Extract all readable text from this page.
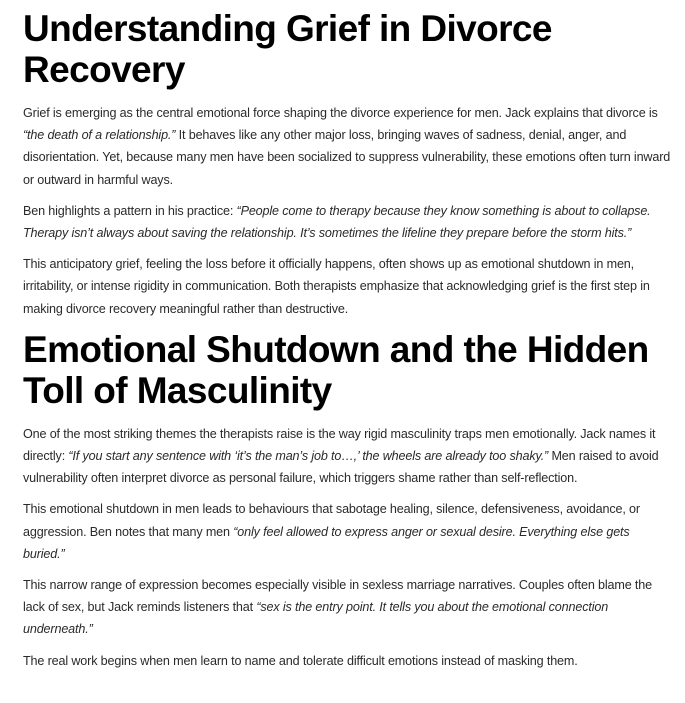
Understanding Grief in Divorce Recovery

Grief is emerging as the central emotional force shaping the divorce experience for men. Jack explains that divorce is “the death of a relationship.” It behaves like any other major loss, bringing waves of sadness, denial, anger, and disorientation. Yet, because many men have been socialized to suppress vulnerability, these emotions often turn inward or outward in harmful ways.

Ben highlights a pattern in his practice: “People come to therapy because they know something is about to collapse. Therapy isn’t always about saving the relationship. It’s sometimes the lifeline they prepare before the storm hits.”

This anticipatory grief, feeling the loss before it officially happens, often shows up as emotional shutdown in men, irritability, or intense rigidity in communication. Both therapists emphasize that acknowledging grief is the first step in making divorce recovery meaningful rather than destructive.

Emotional Shutdown and the Hidden Toll of Masculinity

One of the most striking themes the therapists raise is the way rigid masculinity traps men emotionally. Jack names it directly: “If you start any sentence with ‘it’s the man’s job to…,’ the wheels are already too shaky.” Men raised to avoid vulnerability often interpret divorce as personal failure, which triggers shame rather than self-reflection.

This emotional shutdown in men leads to behaviours that sabotage healing, silence, defensiveness, avoidance, or aggression. Ben notes that many men “only feel allowed to express anger or sexual desire. Everything else gets buried.”

This narrow range of expression becomes especially visible in sexless marriage narratives. Couples often blame the lack of sex, but Jack reminds listeners that “sex is the entry point. It tells you about the emotional connection underneath.”

The real work begins when men learn to name and tolerate difficult emotions instead of masking them.
